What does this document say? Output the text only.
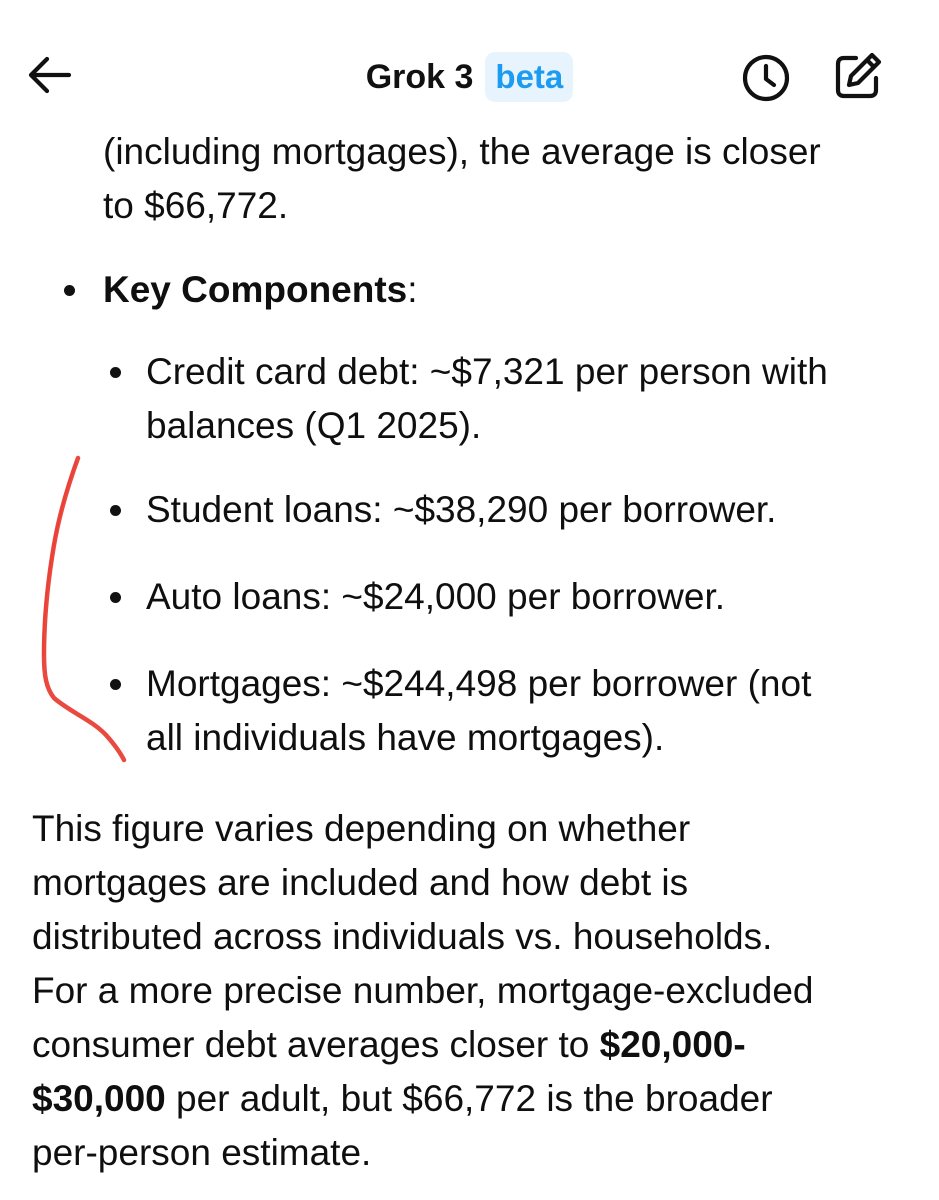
Grok 3 beta
(including mortgages), the average is closer
to $66,772.
Key Components:
Credit card debt: ~$7,321 per person with
balances (Q1 2025).
Student loans: ~$38,290 per borrower.
Auto loans: ~$24,000 per borrower.
Mortgages: ~$244,498 per borrower (not
all individuals have mortgages).
This figure varies depending on whether
mortgages are included and how debt is
distributed across individuals vs. households.
For a more precise number, mortgage-excluded
consumer debt averages closer to $20,000-
$30,000 per adult, but $66,772 is the broader
per-person estimate.
